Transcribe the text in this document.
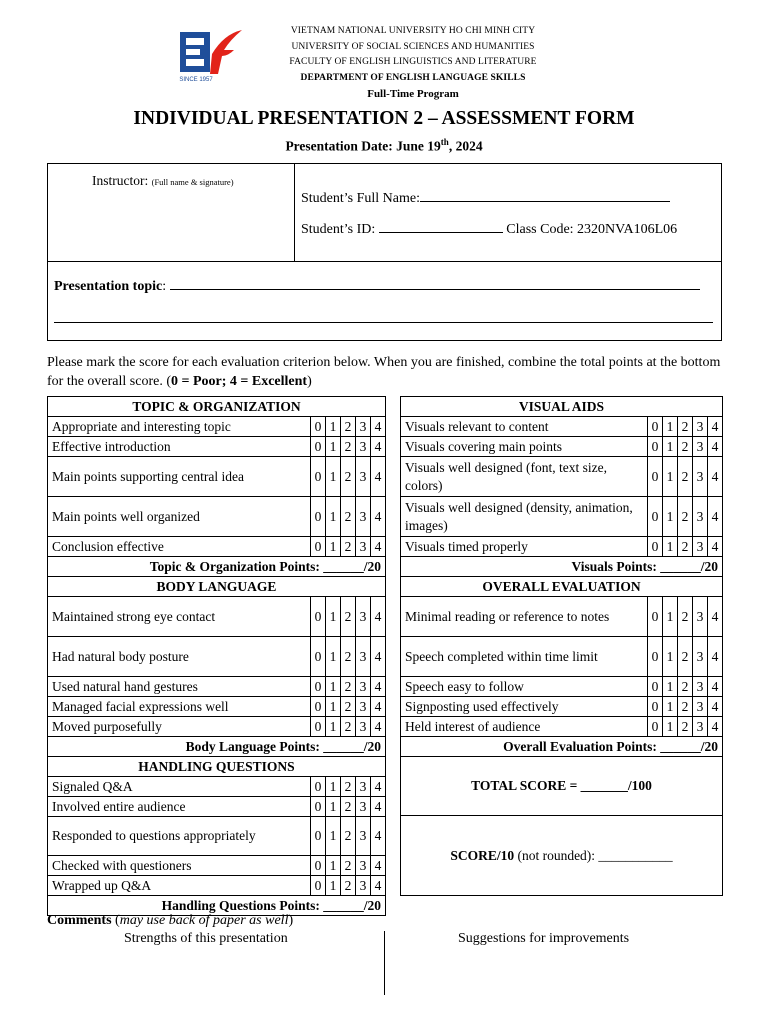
SINCE 1957
VIETNAM NATIONAL UNIVERSITY HO CHI MINH CITY
UNIVERSITY OF SOCIAL SCIENCES AND HUMANITIES
FACULTY OF ENGLISH LINGUISTICS AND LITERATURE
DEPARTMENT OF ENGLISH LANGUAGE SKILLS
Full-Time Program
INDIVIDUAL PRESENTATION 2 – ASSESSMENT FORM
Presentation Date: June 19th, 2024
Instructor: (Full name & signature)
Student’s Full Name:
Student’s ID:	Class Code: 2320NVA106L06
Presentation topic:
Please mark the score for each evaluation criterion below. When you are finished, combine the total points at the bottom for the overall score. (0 = Poor; 4 = Excellent)
TOPIC & ORGANIZATION					
Appropriate and interesting topic	0	1	2	3	4
Effective introduction	0	1	2	3	4
Main points supporting central idea	0	1	2	3	4
Main points well organized	0	1	2	3	4
Conclusion effective	0	1	2	3	4
Topic & Organization Points: ______/20					
BODY LANGUAGE					
Maintained strong eye contact	0	1	2	3	4
Had natural body posture	0	1	2	3	4
Used natural hand gestures	0	1	2	3	4
Managed facial expressions well	0	1	2	3	4
Moved purposefully	0	1	2	3	4
Body Language Points: ______/20					
HANDLING QUESTIONS					
Signaled Q&A	0	1	2	3	4
Involved entire audience	0	1	2	3	4
Responded to questions appropriately	0	1	2	3	4
Checked with questioners	0	1	2	3	4
Wrapped up Q&A	0	1	2	3	4
Handling Questions Points: ______/20					
VISUAL AIDS					
Visuals relevant to content	0	1	2	3	4
Visuals covering main points	0	1	2	3	4
Visuals well designed (font, text size, colors)	0	1	2	3	4
Visuals well designed (density, animation, images)	0	1	2	3	4
Visuals timed properly	0	1	2	3	4
Visuals Points: ______/20					
OVERALL EVALUATION					
Minimal reading or reference to notes	0	1	2	3	4
Speech completed within time limit	0	1	2	3	4
Speech easy to follow	0	1	2	3	4
Signposting used effectively	0	1	2	3	4
Held interest of audience	0	1	2	3	4
Overall Evaluation Points: ______/20					
TOTAL SCORE = _______/100					
SCORE/10 (not rounded): ___________					
Comments (may use back of paper as well)
Strengths of this presentation	Suggestions for improvements
